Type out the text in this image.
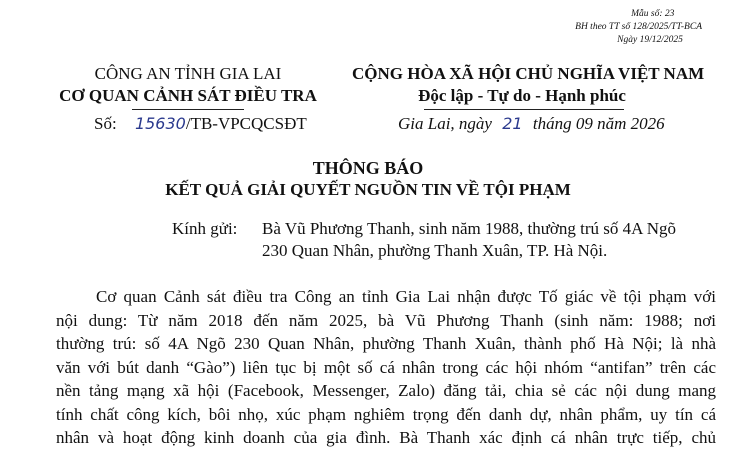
Mẫu số: 23
BH theo TT số 128/2025/TT-BCA
Ngày 19/12/2025
CÔNG AN TỈNH GIA LAI
CƠ QUAN CẢNH SÁT ĐIỀU TRA
CỘNG HÒA XÃ HỘI CHỦ NGHĨA VIỆT NAM
Độc lập - Tự do - Hạnh phúc
Số: 15630/TB-VPCQCSĐT	Gia Lai, ngày 21 tháng 09 năm 2026
THÔNG BÁO
KẾT QUẢ GIẢI QUYẾT NGUỒN TIN VỀ TỘI PHẠM
Kính gửi: Bà Vũ Phương Thanh, sinh năm 1988, thường trú số 4A Ngõ
230 Quan Nhân, phường Thanh Xuân, TP. Hà Nội.
Cơ quan Cảnh sát điều tra Công an tỉnh Gia Lai nhận được Tố giác về tội phạm với
nội dung: Từ năm 2018 đến năm 2025, bà Vũ Phương Thanh (sinh năm: 1988; nơi
thường trú: số 4A Ngõ 230 Quan Nhân, phường Thanh Xuân, thành phố Hà Nội; là nhà
văn với bút danh “Gào”) liên tục bị một số cá nhân trong các hội nhóm “antifan” trên các
nền tảng mạng xã hội (Facebook, Messenger, Zalo) đăng tải, chia sẻ các nội dung mang
tính chất công kích, bôi nhọ, xúc phạm nghiêm trọng đến danh dự, nhân phẩm, uy tín cá
nhân và hoạt động kinh doanh của gia đình. Bà Thanh xác định cá nhân trực tiếp, chủ
